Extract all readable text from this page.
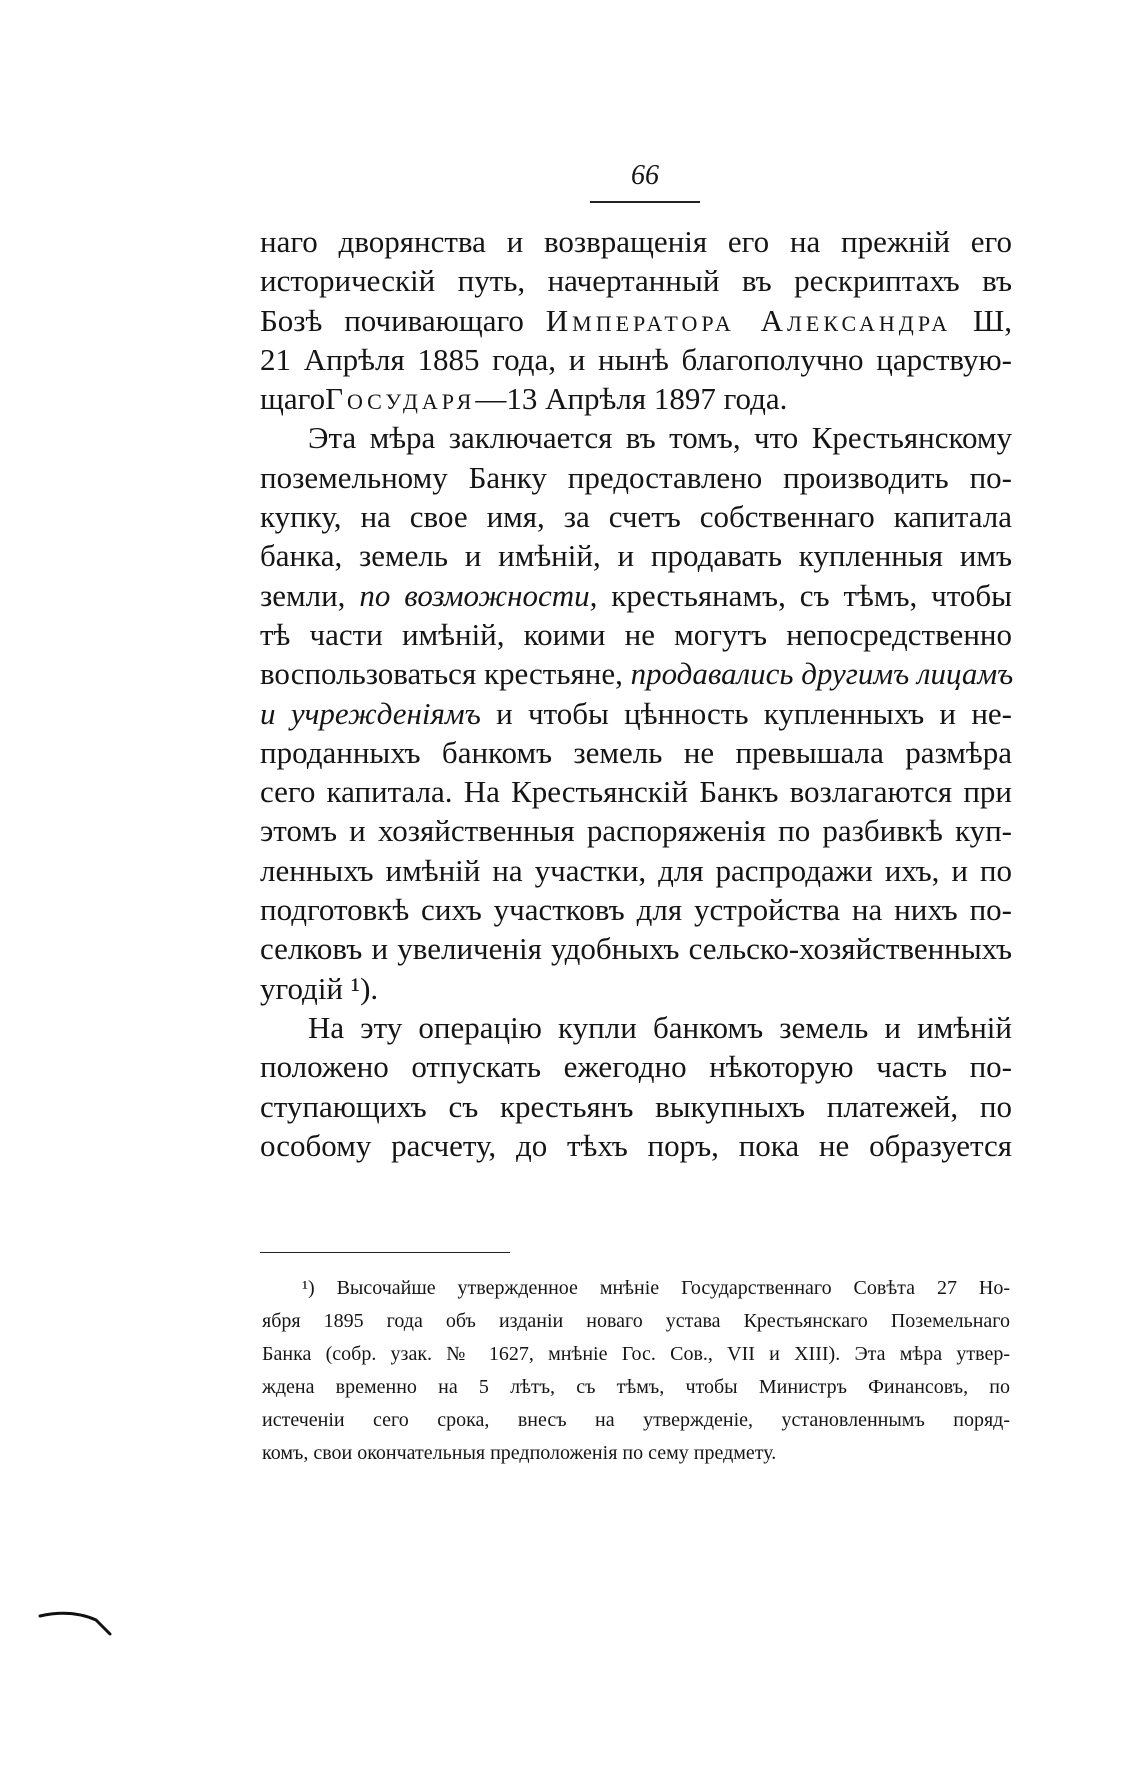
66
наго дворянства и возвращенія его на прежній его
историческій путь, начертанный въ рескриптахъ въ
Бозѣ почивающаго Императора Александра Ш,
21 Апрѣля 1885 года, и нынѣ благополучно царствую-
щагоГосударя—13 Апрѣля 1897 года.
Эта мѣра заключается въ томъ, что Крестьянскому
поземельному Банку предоставлено производить по-
купку, на свое имя, за счетъ собственнаго капитала
банка, земель и имѣній, и продавать купленныя имъ
земли, по возможности, крестьянамъ, съ тѣмъ, чтобы
тѣ части имѣній, коими не могутъ непосредственно
воспользоваться крестьяне, продавались другимъ лицамъ
и учрежденіямъ и чтобы цѣнность купленныхъ и не-
проданныхъ банкомъ земель не превышала размѣра
сего капитала. На Крестьянскій Банкъ возлагаются при
этомъ и хозяйственныя распоряженія по разбивкѣ куп-
ленныхъ имѣній на участки, для распродажи ихъ, и по
подготовкѣ сихъ участковъ для устройства на нихъ по-
селковъ и увеличенія удобныхъ сельско-хозяйственныхъ
угодій ¹).
На эту операцію купли банкомъ земель и имѣній
положено отпускать ежегодно нѣкоторую часть по-
ступающихъ съ крестьянъ выкупныхъ платежей, по
особому расчету, до тѣхъ поръ, пока не образуется
¹) Высочайше утвержденное мнѣніе Государственнаго Совѣта 27 Но-
ября 1895 года объ изданіи новаго устава Крестьянскаго Поземельнаго
Банка (собр. узак. № 1627, мнѣніе Гос. Сов., VII и XIII). Эта мѣра утвер-
ждена временно на 5 лѣтъ, съ тѣмъ, чтобы Министръ Финансовъ, по
истеченіи сего срока, внесъ на утвержденіе, установленнымъ поряд-
комъ, свои окончательныя предположенія по сему предмету.
